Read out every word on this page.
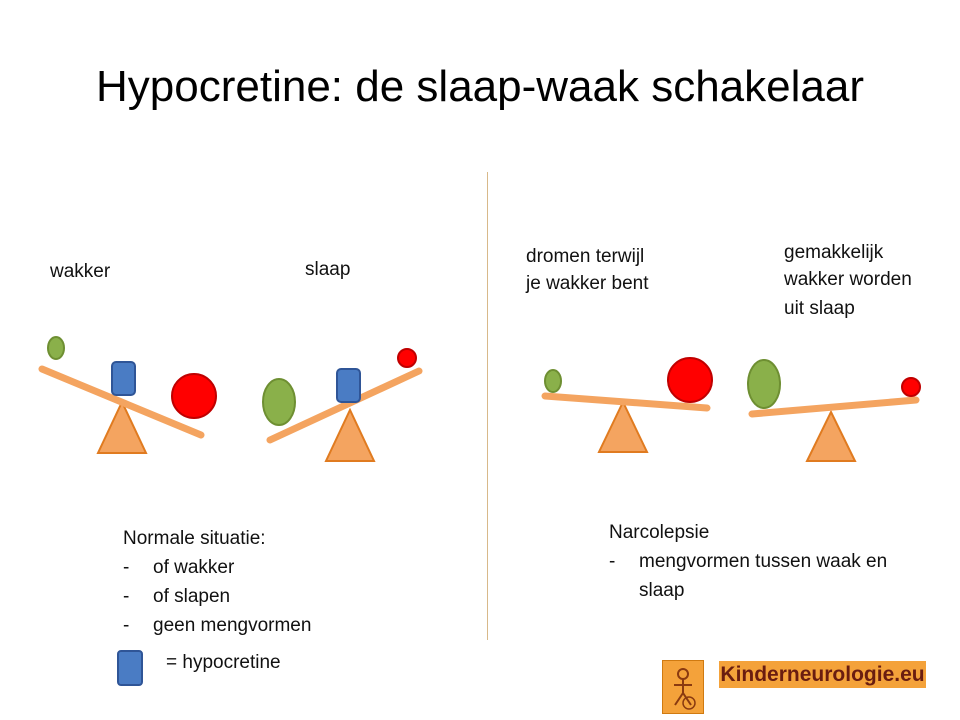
Hypocretine: de slaap-waak schakelaar
wakker	slaap
dromen terwijl
je wakker bent
gemakkelijk
wakker worden
uit slaap
Normale situatie:
-	of wakker
-	of slapen
-	geen mengvormen
Narcolepsie
-	mengvormen tussen waak en
slaap
= hypocretine
Kinderneurologie.eu
